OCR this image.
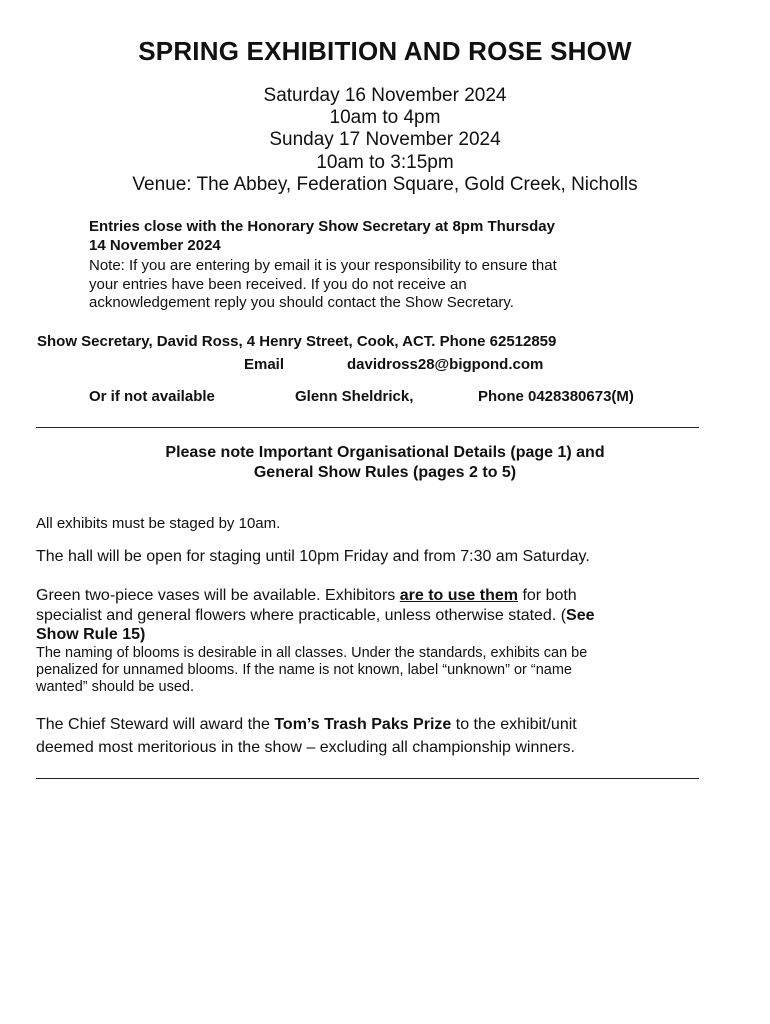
SPRING EXHIBITION AND ROSE SHOW
Saturday 16 November 2024
10am to 4pm
Sunday 17 November 2024
10am to 3:15pm
Venue: The Abbey, Federation Square, Gold Creek, Nicholls
Entries close with the Honorary Show Secretary at 8pm Thursday
14 November 2024
Note: If you are entering by email it is your responsibility to ensure that
your entries have been received. If you do not receive an
acknowledgement reply you should contact the Show Secretary.
Show Secretary, David Ross, 4 Henry Street, Cook, ACT. Phone 62512859
Email	davidross28@bigpond.com
Or if not available	Glenn Sheldrick,	Phone 0428380673(M)
Please note Important Organisational Details (page 1) and
General Show Rules (pages 2 to 5)
All exhibits must be staged by 10am.
The hall will be open for staging until 10pm Friday and from 7:30 am Saturday.
Green two-piece vases will be available. Exhibitors are to use them for both
specialist and general flowers where practicable, unless otherwise stated. (See
Show Rule 15)
The naming of blooms is desirable in all classes. Under the standards, exhibits can be
penalized for unnamed blooms. If the name is not known, label “unknown” or “name
wanted” should be used.
The Chief Steward will award the Tom’s Trash Paks Prize to the exhibit/unit
deemed most meritorious in the show – excluding all championship winners.
